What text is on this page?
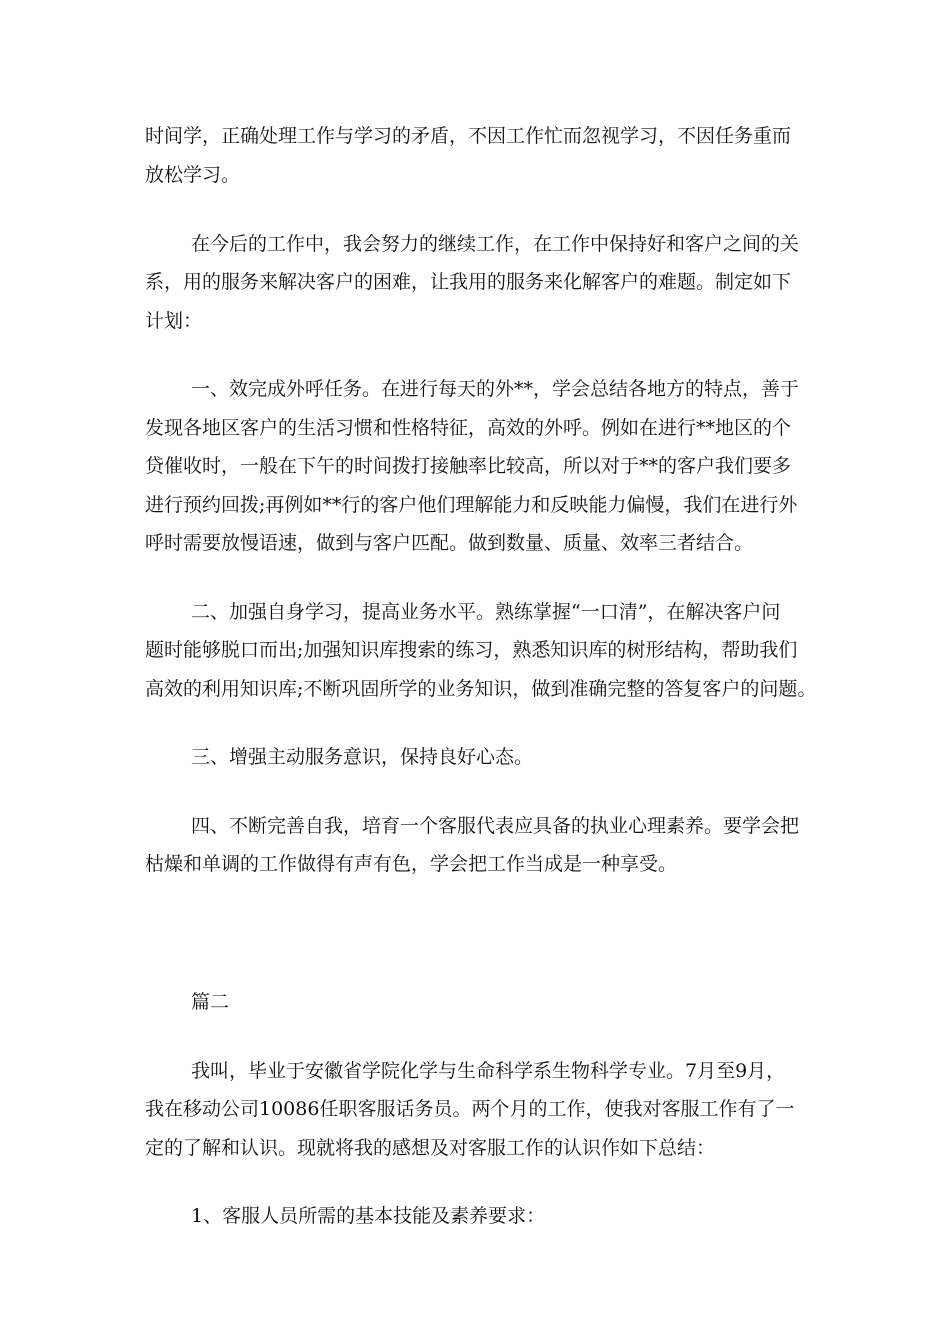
时间学，正确处理工作与学习的矛盾，不因工作忙而忽视学习，不因任务重而
放松学习。
在今后的工作中，我会努力的继续工作，在工作中保持好和客户之间的关
系，用的服务来解决客户的困难，让我用的服务来化解客户的难题。制定如下
计划：
一、效完成外呼任务。在进行每天的外**，学会总结各地方的特点，善于
发现各地区客户的生活习惯和性格特征，高效的外呼。例如在进行**地区的个
贷催收时，一般在下午的时间拨打接触率比较高，所以对于**的客户我们要多
进行预约回拨;再例如**行的客户他们理解能力和反映能力偏慢，我们在进行外
呼时需要放慢语速，做到与客户匹配。做到数量、质量、效率三者结合。
二、加强自身学习，提高业务水平。熟练掌握“一口清”，在解决客户问
题时能够脱口而出;加强知识库搜索的练习，熟悉知识库的树形结构，帮助我们
高效的利用知识库;不断巩固所学的业务知识，做到准确完整的答复客户的问题。
三、增强主动服务意识，保持良好心态。
四、不断完善自我，培育一个客服代表应具备的执业心理素养。要学会把
枯燥和单调的工作做得有声有色，学会把工作当成是一种享受。
篇二
我叫，毕业于安徽省学院化学与生命科学系生物科学专业。7月至9月，
我在移动公司10086任职客服话务员。两个月的工作，使我对客服工作有了一
定的了解和认识。现就将我的感想及对客服工作的认识作如下总结：
1、客服人员所需的基本技能及素养要求：
